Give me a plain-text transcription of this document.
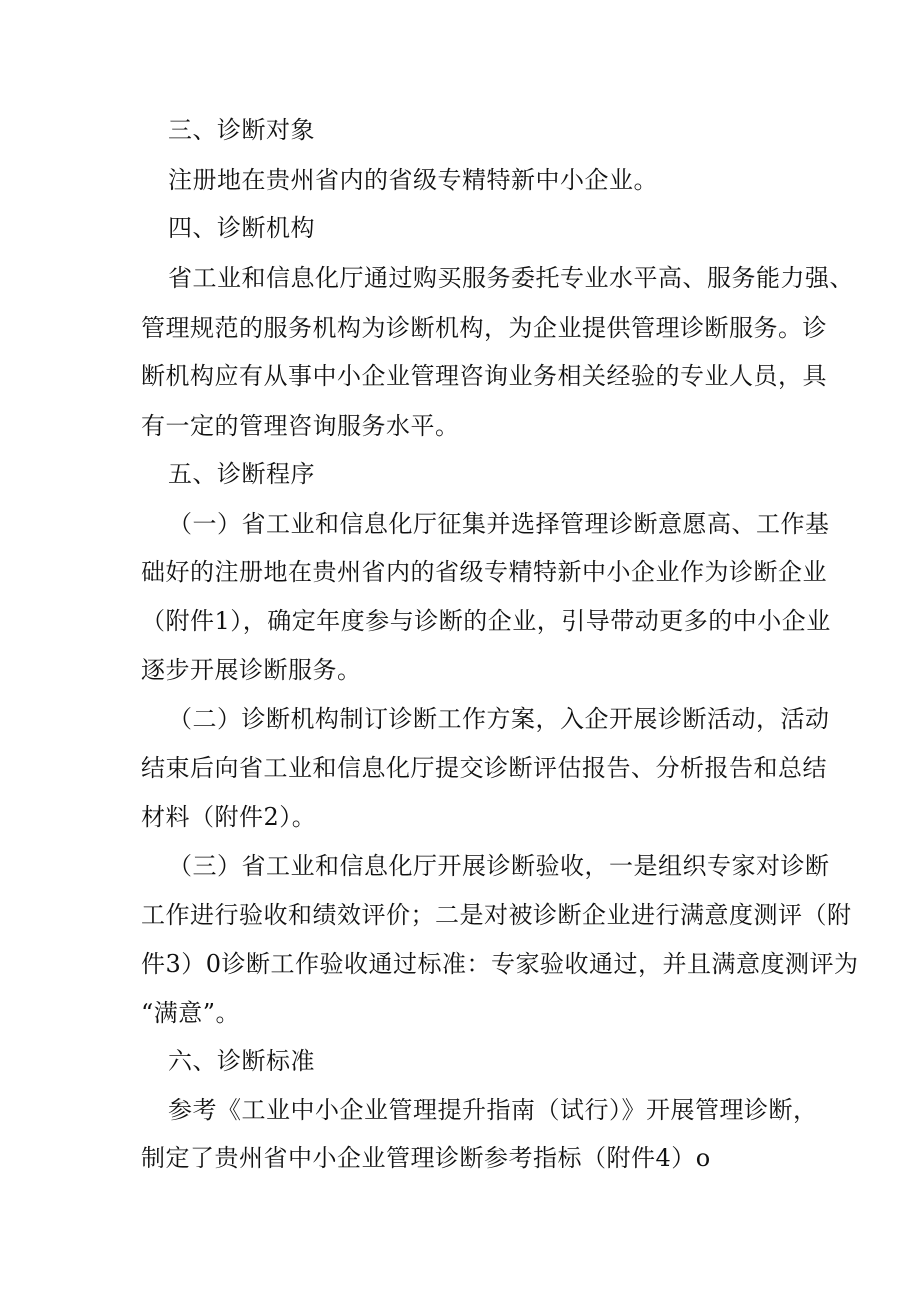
三、诊断对象
注册地在贵州省内的省级专精特新中小企业。
四、诊断机构
省工业和信息化厅通过购买服务委托专业水平高、服务能力强、
管理规范的服务机构为诊断机构，为企业提供管理诊断服务。诊
断机构应有从事中小企业管理咨询业务相关经验的专业人员，具
有一定的管理咨询服务水平。
五、诊断程序
（一）省工业和信息化厅征集并选择管理诊断意愿高、工作基
础好的注册地在贵州省内的省级专精特新中小企业作为诊断企业
（附件1），确定年度参与诊断的企业，引导带动更多的中小企业
逐步开展诊断服务。
（二）诊断机构制订诊断工作方案，入企开展诊断活动，活动
结束后向省工业和信息化厅提交诊断评估报告、分析报告和总结
材料（附件2）。
（三）省工业和信息化厅开展诊断验收，一是组织专家对诊断
工作进行验收和绩效评价；二是对被诊断企业进行满意度测评（附
件3）0诊断工作验收通过标准：专家验收通过，并且满意度测评为
“满意”。
六、诊断标准
参考《工业中小企业管理提升指南（试行）》开展管理诊断，
制定了贵州省中小企业管理诊断参考指标（附件4）o
